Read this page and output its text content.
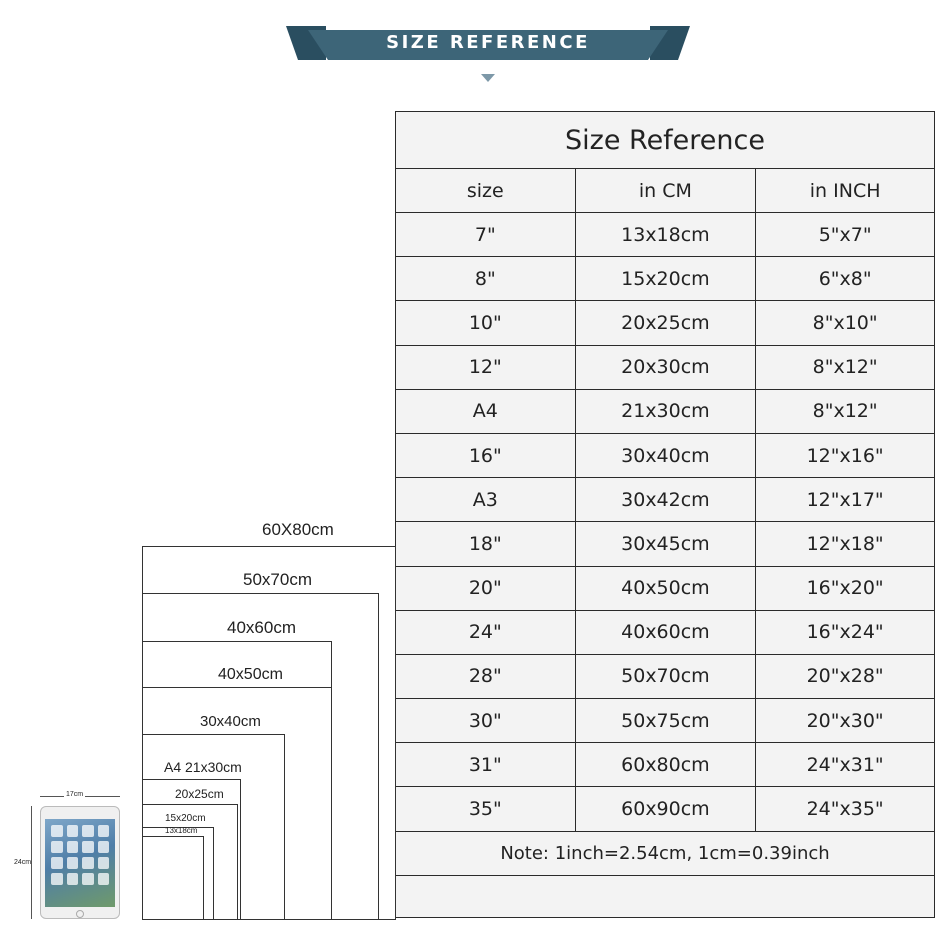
SIZE REFERENCE
Size Reference		
size	in CM	in INCH
7"	13x18cm	5"x7"
8"	15x20cm	6"x8"
10"	20x25cm	8"x10"
12"	20x30cm	8"x12"
A4	21x30cm	8"x12"
16"	30x40cm	12"x16"
A3	30x42cm	12"x17"
18"	30x45cm	12"x18"
20"	40x50cm	16"x20"
24"	40x60cm	16"x24"
28"	50x70cm	20"x28"
30"	50x75cm	20"x30"
31"	60x80cm	24"x31"
35"	60x90cm	24"x35"
Note: 1inch=2.54cm, 1cm=0.39inch		

60X80cm
50x70cm
40x60cm
40x50cm
30x40cm
A4 21x30cm
20x25cm
15x20cm
13x18cm
17cm
24cm
